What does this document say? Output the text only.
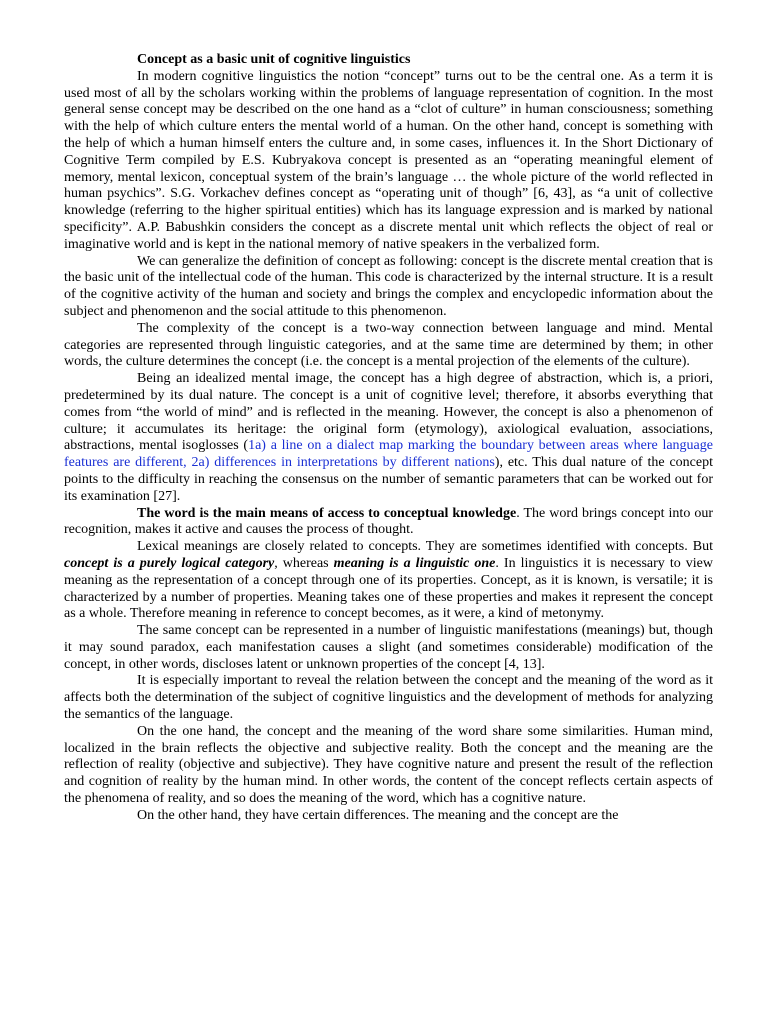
Concept as a basic unit of cognitive linguistics

In modern cognitive linguistics the notion “concept” turns out to be the central one. As a term it is used most of all by the scholars working within the problems of language representation of cognition. In the most general sense concept may be described on the one hand as a “clot of culture” in human consciousness; something with the help of which culture enters the mental world of a human. On the other hand, concept is something with the help of which a human himself enters the culture and, in some cases, influences it. In the Short Dictionary of Cognitive Term compiled by E.S. Kubryakova concept is presented as an “operating meaningful element of memory, mental lexicon, conceptual system of the brain’s language … the whole picture of the world reflected in human psychics”. S.G. Vorkachev defines concept as “operating unit of though” [6, 43], as “a unit of collective knowledge (referring to the higher spiritual entities) which has its language expression and is marked by national specificity”. A.P. Babushkin considers the concept as a discrete mental unit which reflects the object of real or imaginative world and is kept in the national memory of native speakers in the verbalized form.

We can generalize the definition of concept as following: concept is the discrete mental creation that is the basic unit of the intellectual code of the human. This code is characterized by the internal structure. It is a result of the cognitive activity of the human and society and brings the complex and encyclopedic information about the subject and phenomenon and the social attitude to this phenomenon.

The complexity of the concept is a two-way connection between language and mind. Mental categories are represented through linguistic categories, and at the same time are determined by them; in other words, the culture determines the concept (i.e. the concept is a mental projection of the elements of the culture).

Being an idealized mental image, the concept has a high degree of abstraction, which is, a priori, predetermined by its dual nature. The concept is a unit of cognitive level; therefore, it absorbs everything that comes from “the world of mind” and is reflected in the meaning. However, the concept is also a phenomenon of culture; it accumulates its heritage: the original form (etymology), axiological evaluation, associations, abstractions, mental isoglosses (1a) a line on a dialect map marking the boundary between areas where language features are different, 2a) differences in interpretations by different nations), etc. This dual nature of the concept points to the difficulty in reaching the consensus on the number of semantic parameters that can be worked out for its examination [27].

The word is the main means of access to conceptual knowledge. The word brings concept into our recognition, makes it active and causes the process of thought.

Lexical meanings are closely related to concepts. They are sometimes identified with concepts. But concept is a purely logical category, whereas meaning is a linguistic one. In linguistics it is necessary to view meaning as the representation of a concept through one of its properties. Concept, as it is known, is versatile; it is characterized by a number of properties. Meaning takes one of these properties and makes it represent the concept as a whole. Therefore meaning in reference to concept becomes, as it were, a kind of metonymy.

The same concept can be represented in a number of linguistic manifestations (meanings) but, though it may sound paradox, each manifestation causes a slight (and sometimes considerable) modification of the concept, in other words, discloses latent or unknown properties of the concept [4, 13].

It is especially important to reveal the relation between the concept and the meaning of the word as it affects both the determination of the subject of cognitive linguistics and the development of methods for analyzing the semantics of the language.

On the one hand, the concept and the meaning of the word share some similarities. Human mind, localized in the brain reflects the objective and subjective reality. Both the concept and the meaning are the reflection of reality (objective and subjective). They have cognitive nature and present the result of the reflection and cognition of reality by the human mind. In other words, the content of the concept reflects certain aspects of the phenomena of reality, and so does the meaning of the word, which has a cognitive nature.

On the other hand, they have certain differences. The meaning and the concept are the
